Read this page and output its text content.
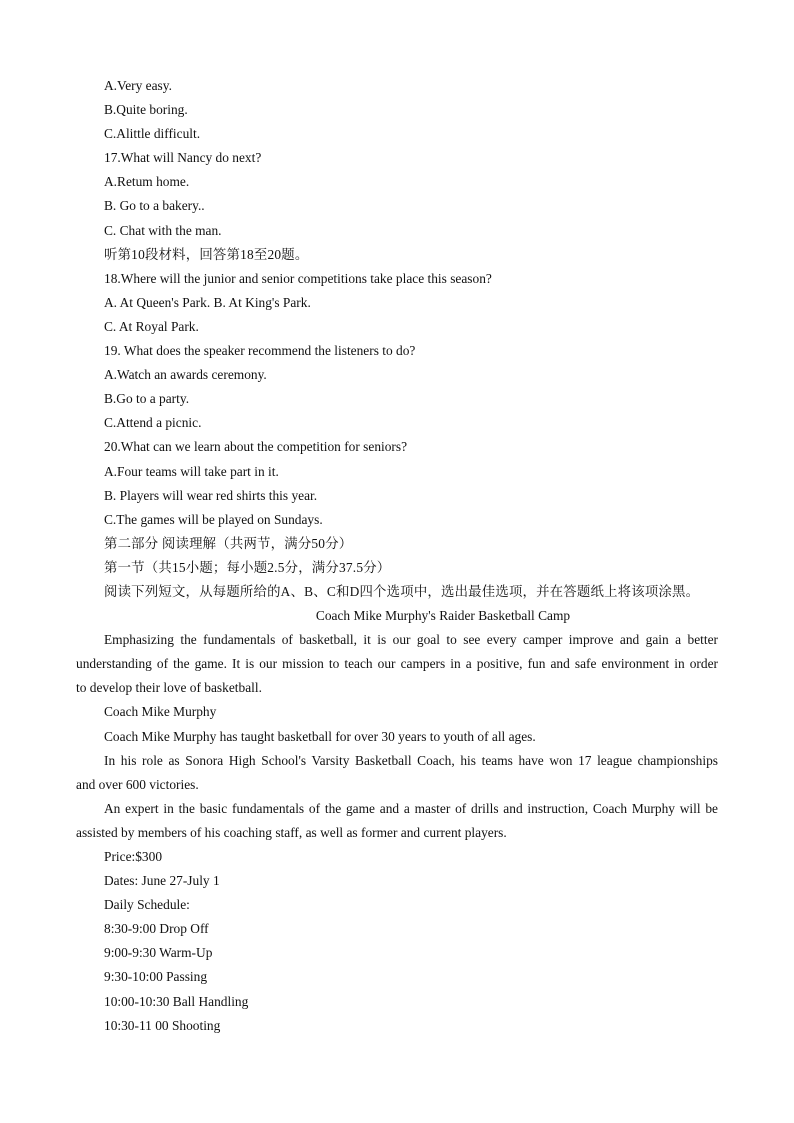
A.Very easy.
B.Quite boring.
C.Alittle difficult.
17.What will Nancy do next?
A.Retum home.
B. Go to a bakery..
C. Chat with the man.
听第10段材料，回答第18至20题。
18.Where will the junior and senior competitions take place this season?
A. At Queen's Park. B. At King's Park.
C. At Royal Park.
19. What does the speaker recommend the listeners to do?
A.Watch an awards ceremony.
B.Go to a party.
C.Attend a picnic.
20.What can we learn about the competition for seniors?
A.Four teams will take part in it.
B. Players will wear red shirts this year.
C.The games will be played on Sundays.
第二部分 阅读理解（共两节，满分50分）
第一节（共15小题；每小题2.5分，满分37.5分）
阅读下列短文，从每题所给的A、B、C和D四个选项中，选出最佳选项，并在答题纸上将该项涂黑。
Coach Mike Murphy's Raider Basketball Camp
Emphasizing the fundamentals of basketball, it is our goal to see every camper improve and gain a better
understanding of the game. It is our mission to teach our campers in a positive, fun and safe environment in order
to develop their love of basketball.
Coach Mike Murphy
Coach Mike Murphy has taught basketball for over 30 years to youth of all ages.
In his role as Sonora High School's Varsity Basketball Coach, his teams have won 17 league championships
and over 600 victories.
An expert in the basic fundamentals of the game and a master of drills and instruction, Coach Murphy will be
assisted by members of his coaching staff, as well as former and current players.
Price:$300
Dates: June 27-July 1
Daily Schedule:
8:30-9:00 Drop Off
9:00-9:30 Warm-Up
9:30-10:00 Passing
10:00-10:30 Ball Handling
10:30-11 00 Shooting
